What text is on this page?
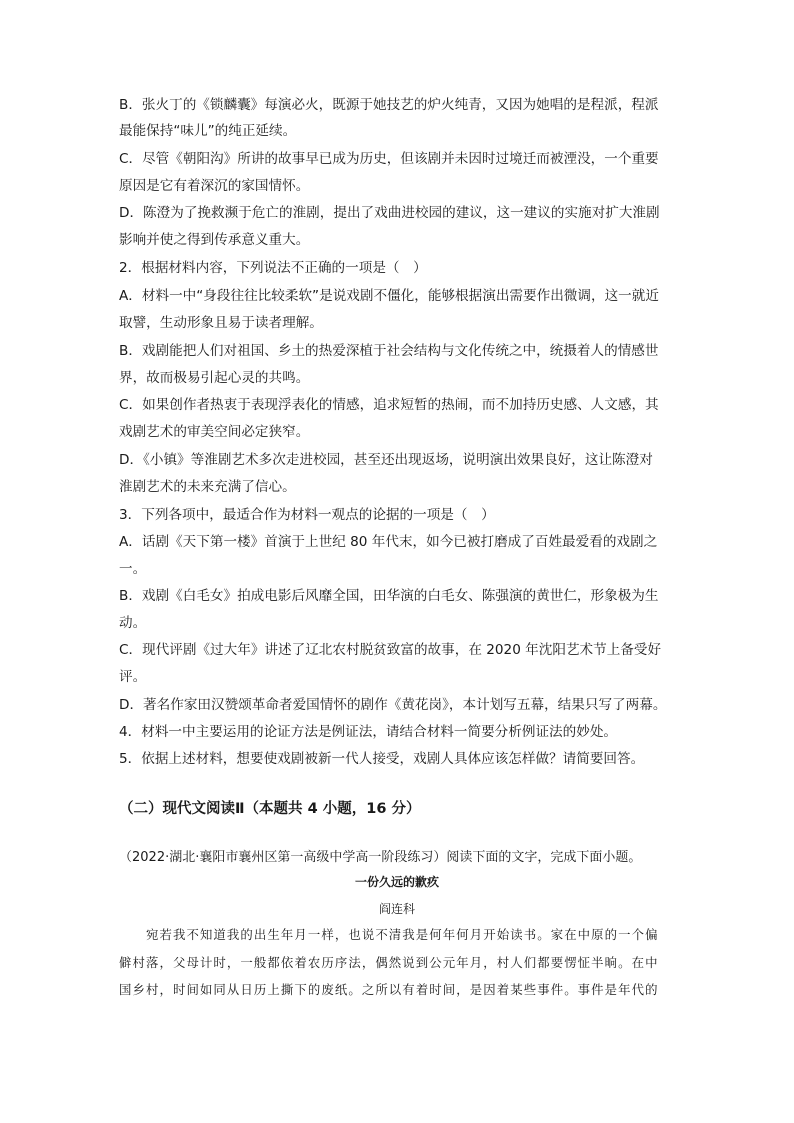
B．张火丁的《锁麟囊》每演必火，既源于她技艺的炉火纯青，又因为她唱的是程派，程派
最能保持“味儿”的纯正延续。
C．尽管《朝阳沟》所讲的故事早已成为历史，但该剧并未因时过境迁而被湮没，一个重要
原因是它有着深沉的家国情怀。
D．陈澄为了挽救濒于危亡的淮剧，提出了戏曲进校园的建议，这一建议的实施对扩大淮剧
影响并使之得到传承意义重大。
2．根据材料内容，下列说法不正确的一项是（　）
A．材料一中“身段往往比较柔软”是说戏剧不僵化，能够根据演出需要作出微调，这一就近
取譬，生动形象且易于读者理解。
B．戏剧能把人们对祖国、乡土的热爱深植于社会结构与文化传统之中，统摄着人的情感世
界，故而极易引起心灵的共鸣。
C．如果创作者热衷于表现浮表化的情感，追求短暂的热闹，而不加持历史感、人文感，其
戏剧艺术的审美空间必定狭窄。
D．《小镇》等淮剧艺术多次走进校园，甚至还出现返场，说明演出效果良好，这让陈澄对
淮剧艺术的未来充满了信心。
3．下列各项中，最适合作为材料一观点的论据的一项是（　）
A．话剧《天下第一楼》首演于上世纪 80 年代末，如今已被打磨成了百姓最爱看的戏剧之
一。
B．戏剧《白毛女》拍成电影后风靡全国，田华演的白毛女、陈强演的黄世仁，形象极为生
动。
C．现代评剧《过大年》讲述了辽北农村脱贫致富的故事，在 2020 年沈阳艺术节上备受好
评。
D．著名作家田汉赞颂革命者爱国情怀的剧作《黄花岗》，本计划写五幕，结果只写了两幕。
4．材料一中主要运用的论证方法是例证法，请结合材料一简要分析例证法的妙处。
5．依据上述材料，想要使戏剧被新一代人接受，戏剧人具体应该怎样做？请简要回答。
（二）现代文阅读Ⅱ（本题共 4 小题，16 分）
（2022·湖北·襄阳市襄州区第一高级中学高一阶段练习）阅读下面的文字，完成下面小题。
一份久远的歉疚
阎连科
　　宛若我不知道我的出生年月一样，也说不清我是何年何月开始读书。家在中原的一个偏
僻村落，父母计时，一般都依着农历序法，偶然说到公元年月，村人们都要愣怔半晌。在中
国乡村，时间如同从日历上撕下的废纸。之所以有着时间，是因着某些事件。事件是年代的
